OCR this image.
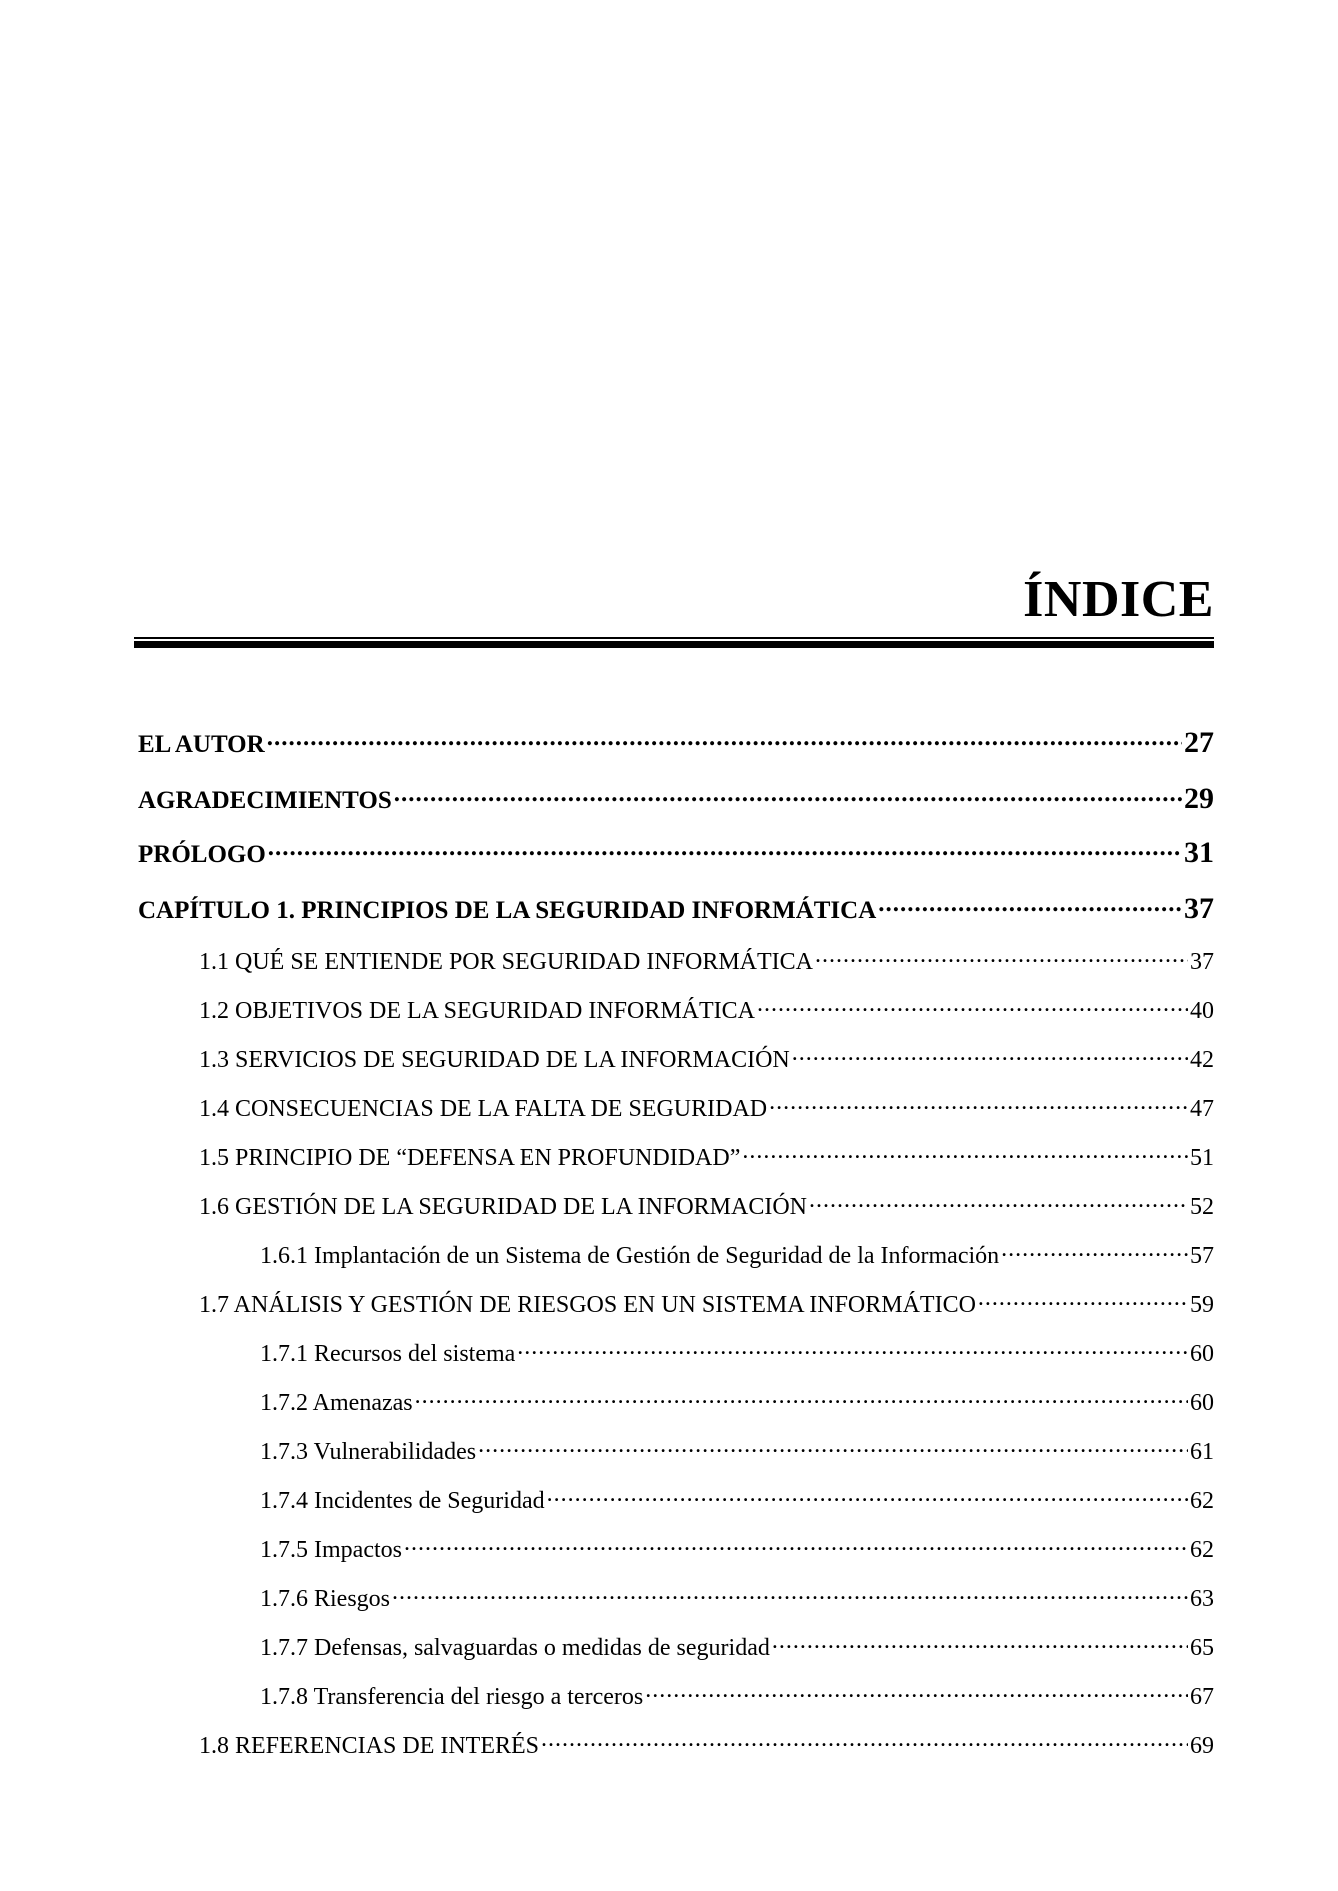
ÍNDICE
EL AUTOR .....	27
AGRADECIMIENTOS .....	29
PRÓLOGO .....	31
CAPÍTULO 1. PRINCIPIOS DE LA SEGURIDAD INFORMÁTICA .....	37
1.1 QUÉ SE ENTIENDE POR SEGURIDAD INFORMÁTICA .....	37
1.2 OBJETIVOS DE LA SEGURIDAD INFORMÁTICA .....	40
1.3 SERVICIOS DE SEGURIDAD DE LA INFORMACIÓN .....	42
1.4 CONSECUENCIAS DE LA FALTA DE SEGURIDAD .....	47
1.5 PRINCIPIO DE “DEFENSA EN PROFUNDIDAD” .....	51
1.6 GESTIÓN DE LA SEGURIDAD DE LA INFORMACIÓN .....	52
1.6.1 Implantación de un Sistema de Gestión de Seguridad de la Información .....	57
1.7 ANÁLISIS Y GESTIÓN DE RIESGOS EN UN SISTEMA INFORMÁTICO .....	59
1.7.1 Recursos del sistema .....	60
1.7.2 Amenazas .....	60
1.7.3 Vulnerabilidades .....	61
1.7.4 Incidentes de Seguridad .....	62
1.7.5 Impactos .....	62
1.7.6 Riesgos .....	63
1.7.7 Defensas, salvaguardas o medidas de seguridad .....	65
1.7.8 Transferencia del riesgo a terceros .....	67
1.8 REFERENCIAS DE INTERÉS .....	69
